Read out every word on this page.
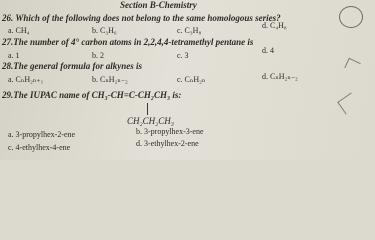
Section B-Chemistry
26. Which of the following does not belong to the same homologous series?
a. CH₄	b. C₃H₆	c. C₃H₈
d. C₄H₈
27.The number of 4° carbon atoms in 2,2,4,4-tetramethyl pentane is
a. 1	b. 2	c. 3
d. 4
28.The general formula for alkynes is
a. CₙH₂ₙ₊₁	b. CₙH₂ₙ₋₂	c. CₙH₂ₙ	d. CₙH₂ₙ₋₂
29.The IUPAC name of CH₃-CH=C-CH₂CH₃ is:
CH₂CH₂CH₃
a. 3-propylhex-2-ene	b. 3-propylhex-3-ene
c. 4-ethylhex-4-ene	d. 3-ethylhex-2-ene
